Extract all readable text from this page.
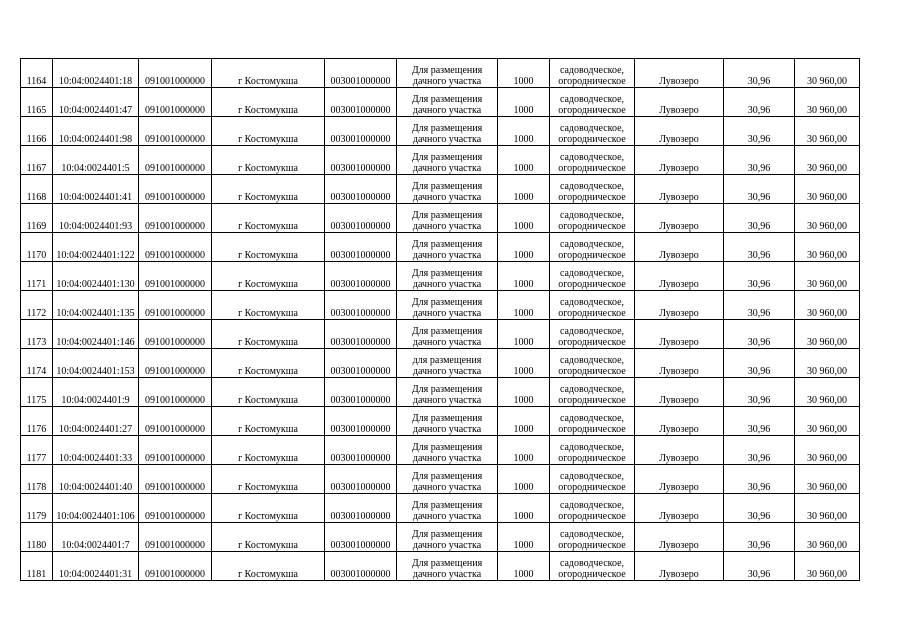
1164	10:04:0024401:18	091001000000	г Костомукша	003001000000	Для размещения
дачного участка	1000	садоводческое,
огородническое	Лувозеро	30,96	30 960,00
1165	10:04:0024401:47	091001000000	г Костомукша	003001000000	Для размещения
дачного участка	1000	садоводческое,
огородническое	Лувозеро	30,96	30 960,00
1166	10:04:0024401:98	091001000000	г Костомукша	003001000000	Для размещения
дачного участка	1000	садоводческое,
огородническое	Лувозеро	30,96	30 960,00
1167	10:04:0024401:5	091001000000	г Костомукша	003001000000	Для размещения
дачного участка	1000	садоводческое,
огородническое	Лувозеро	30,96	30 960,00
1168	10:04:0024401:41	091001000000	г Костомукша	003001000000	Для размещения
дачного участка	1000	садоводческое,
огородническое	Лувозеро	30,96	30 960,00
1169	10:04:0024401:93	091001000000	г Костомукша	003001000000	Для размещения
дачного участка	1000	садоводческое,
огородническое	Лувозеро	30,96	30 960,00
1170	10:04:0024401:122	091001000000	г Костомукша	003001000000	Для размещения
дачного участка	1000	садоводческое,
огородническое	Лувозеро	30,96	30 960,00
1171	10:04:0024401:130	091001000000	г Костомукша	003001000000	Для размещения
дачного участка	1000	садоводческое,
огородническое	Лувозеро	30,96	30 960,00
1172	10:04:0024401:135	091001000000	г Костомукша	003001000000	Для размещения
дачного участка	1000	садоводческое,
огородническое	Лувозеро	30,96	30 960,00
1173	10:04:0024401:146	091001000000	г Костомукша	003001000000	Для размещения
дачного участка	1000	садоводческое,
огородническое	Лувозеро	30,96	30 960,00
1174	10:04:0024401:153	091001000000	г Костомукша	003001000000	для размещения
дачного участка	1000	садоводческое,
огородническое	Лувозеро	30,96	30 960,00
1175	10:04:0024401:9	091001000000	г Костомукша	003001000000	Для размещения
дачного участка	1000	садоводческое,
огородническое	Лувозеро	30,96	30 960,00
1176	10:04:0024401:27	091001000000	г Костомукша	003001000000	Для размещения
дачного участка	1000	садоводческое,
огородническое	Лувозеро	30,96	30 960,00
1177	10:04:0024401:33	091001000000	г Костомукша	003001000000	Для размещения
дачного участка	1000	садоводческое,
огородническое	Лувозеро	30,96	30 960,00
1178	10:04:0024401:40	091001000000	г Костомукша	003001000000	Для размещения
дачного участка	1000	садоводческое,
огородническое	Лувозеро	30,96	30 960,00
1179	10:04:0024401:106	091001000000	г Костомукша	003001000000	Для размещения
дачного участка	1000	садоводческое,
огородническое	Лувозеро	30,96	30 960,00
1180	10:04:0024401:7	091001000000	г Костомукша	003001000000	Для размещения
дачного участка	1000	садоводческое,
огородническое	Лувозеро	30,96	30 960,00
1181	10:04:0024401:31	091001000000	г Костомукша	003001000000	Для размещения
дачного участка	1000	садоводческое,
огородническое	Лувозеро	30,96	30 960,00
